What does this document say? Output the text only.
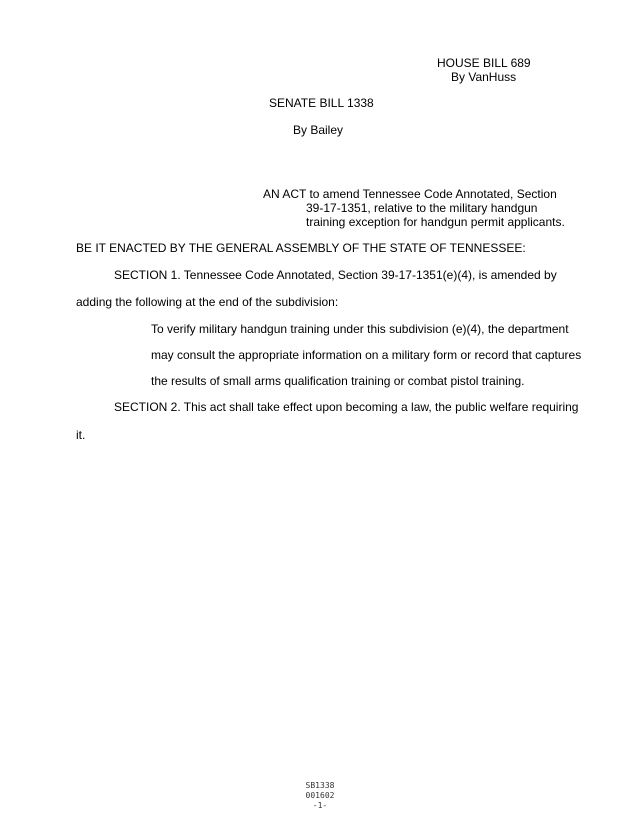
HOUSE BILL 689
By VanHuss
SENATE BILL 1338
By Bailey
AN ACT to amend Tennessee Code Annotated, Section
39-17-1351, relative to the military handgun
training exception for handgun permit applicants.
BE IT ENACTED BY THE GENERAL ASSEMBLY OF THE STATE OF TENNESSEE:
SECTION 1. Tennessee Code Annotated, Section 39-17-1351(e)(4), is amended by
adding the following at the end of the subdivision:
To verify military handgun training under this subdivision (e)(4), the department
may consult the appropriate information on a military form or record that captures
the results of small arms qualification training or combat pistol training.
SECTION 2. This act shall take effect upon becoming a law, the public welfare requiring
it.
SB1338
001602
-1-
